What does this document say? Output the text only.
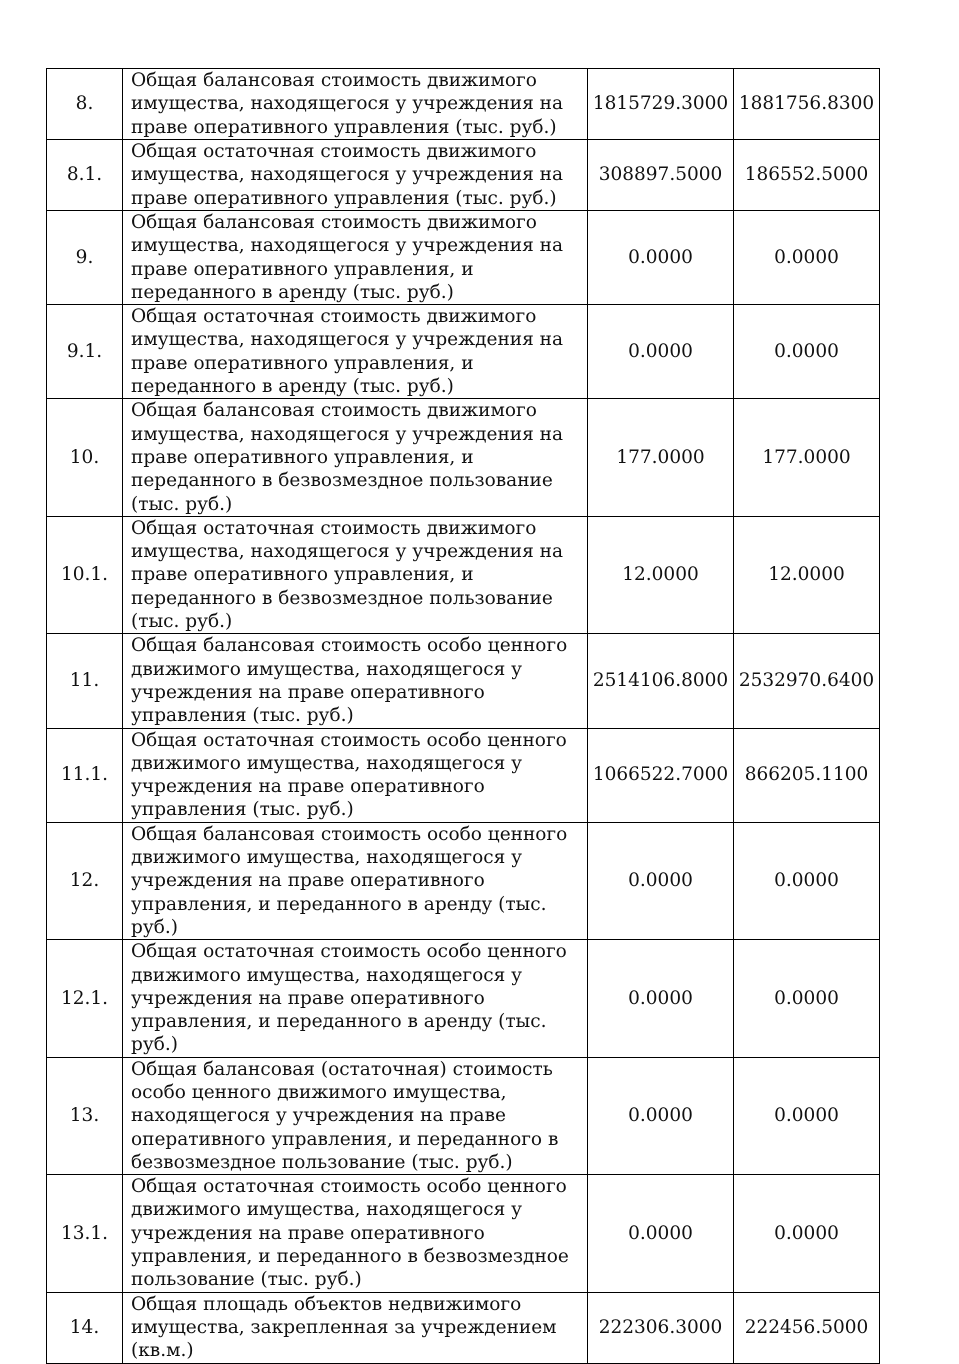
8.	Общая балансовая стоимость движимого имущества, находящегося у учреждения на праве оперативного управления (тыс. руб.)	1815729.3000	1881756.8300
8.1.	Общая остаточная стоимость движимого имущества, находящегося у учреждения на праве оперативного управления (тыс. руб.)	308897.5000	186552.5000
9.	Общая балансовая стоимость движимого имущества, находящегося у учреждения на праве оперативного управления, и переданного в аренду (тыс. руб.)	0.0000	0.0000
9.1.	Общая остаточная стоимость движимого имущества, находящегося у учреждения на праве оперативного управления, и переданного в аренду (тыс. руб.)	0.0000	0.0000
10.	Общая балансовая стоимость движимого имущества, находящегося у учреждения на праве оперативного управления, и переданного в безвозмездное пользование (тыс. руб.)	177.0000	177.0000
10.1.	Общая остаточная стоимость движимого имущества, находящегося у учреждения на праве оперативного управления, и переданного в безвозмездное пользование (тыс. руб.)	12.0000	12.0000
11.	Общая балансовая стоимость особо ценного движимого имущества, находящегося у учреждения на праве оперативного управления (тыс. руб.)	2514106.8000	2532970.6400
11.1.	Общая остаточная стоимость особо ценного движимого имущества, находящегося у учреждения на праве оперативного управления (тыс. руб.)	1066522.7000	866205.1100
12.	Общая балансовая стоимость особо ценного движимого имущества, находящегося у учреждения на праве оперативного управления, и переданного в аренду (тыс. руб.)	0.0000	0.0000
12.1.	Общая остаточная стоимость особо ценного движимого имущества, находящегося у учреждения на праве оперативного управления, и переданного в аренду (тыс. руб.)	0.0000	0.0000
13.	Общая балансовая (остаточная) стоимость особо ценного движимого имущества, находящегося у учреждения на праве оперативного управления, и переданного в безвозмездное пользование (тыс. руб.)	0.0000	0.0000
13.1.	Общая остаточная стоимость особо ценного движимого имущества, находящегося у учреждения на праве оперативного управления, и переданного в безвозмездное пользование (тыс. руб.)	0.0000	0.0000
14.	Общая площадь объектов недвижимого имущества, закрепленная за учреждением (кв.м.)	222306.3000	222456.5000
